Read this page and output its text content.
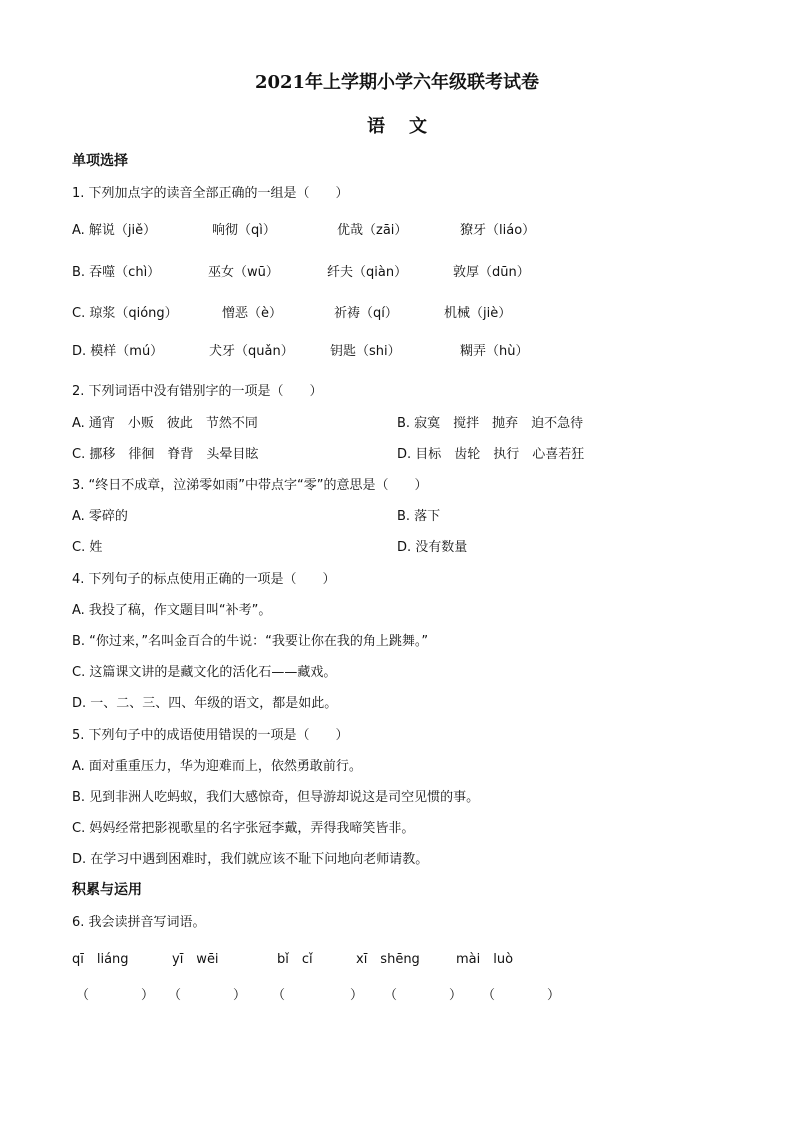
2021年上学期小学六年级联考试卷
语 文
单项选择
1. 下列加点字的读音全部正确的一组是（　　）
A. 解说（jiě）	响彻（qì）	优哉（zāi）	獠牙（liáo）
B. 吞噬（chì）	巫女（wū）	纤夫（qiàn）	敦厚（dūn）
C. 琼浆（qióng）	憎恶（è）	祈祷（qí）	机械（jiè）
D. 模样（mú）	犬牙（quǎn）	钥匙（shi）	糊弄（hù）
2. 下列词语中没有错别字的一项是（　　）
A. 通宵　小贩　彼此　节然不同	B. 寂寞　搅拌　抛弃　迫不急待
C. 挪移　徘徊　脊背　头晕目眩	D. 目标　齿轮　执行　心喜若狂
3. “终日不成章，泣涕零如雨”中带点字“零”的意思是（　　）
A. 零碎的	B. 落下
C. 姓	D. 没有数量
4. 下列句子的标点使用正确的一项是（　　）
A. 我投了稿，作文题目叫“补考”。
B. “你过来，”名叫金百合的牛说：“我要让你在我的角上跳舞。”
C. 这篇课文讲的是藏文化的活化石——藏戏。
D. 一、二、三、四、年级的语文，都是如此。
5. 下列句子中的成语使用错误的一项是（　　）
A. 面对重重压力，华为迎难而上，依然勇敢前行。
B. 见到非洲人吃蚂蚁，我们大感惊奇，但导游却说这是司空见惯的事。
C. 妈妈经常把影视歌星的名字张冠李戴，弄得我啼笑皆非。
D. 在学习中遇到困难时，我们就应该不耻下问地向老师请教。
积累与运用
6. 我会读拼音写词语。
qī　liáng	yī　wēi	bǐ　cǐ	xī　shēng	mài　luò
（　　　　） （　　　　） （　　　　　） （　　　　） （　　　　）
